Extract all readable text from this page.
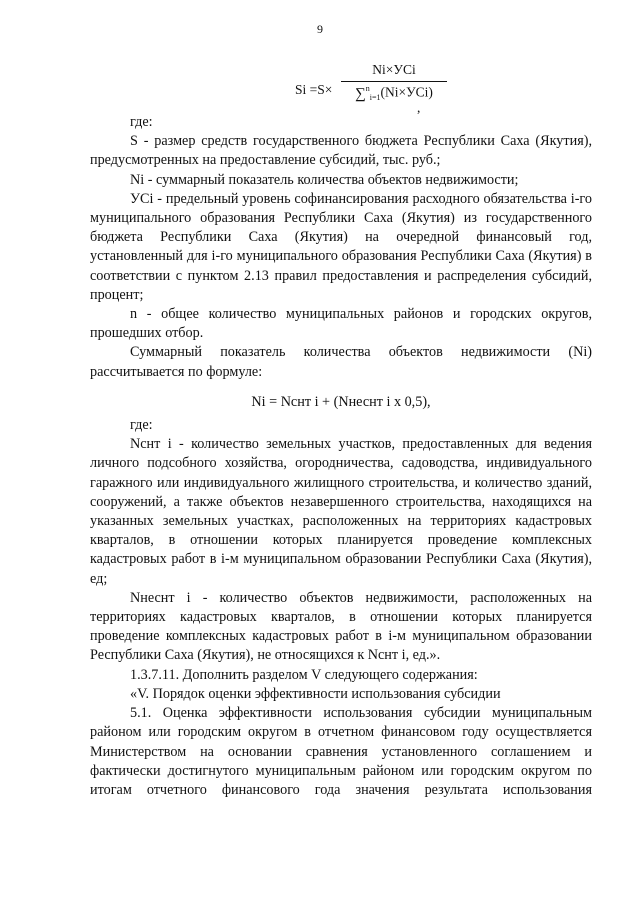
9
Si =S×
Ni×УСi
∑$^n_{i=1}$(Ni×УСi)
,

где:

S - размер средств государственного бюджета Республики Саха (Якутия), предусмотренных на предоставление субсидий, тыс. руб.;

Ni - суммарный показатель количества объектов недвижимости;

УСi - предельный уровень софинансирования расходного обязательства i-го муниципального образования Республики Саха (Якутия) из государственного бюджета Республики Саха (Якутия) на очередной финансовый год, установленный для i-го муниципального образования Республики Саха (Якутия) в соответствии с пунктом 2.13 правил предоставления и распределения субсидий, процент;

n - общее количество муниципальных районов и городских округов, прошедших отбор.

Суммарный показатель количества объектов недвижимости (Ni) рассчитывается по формуле:

Ni = Nснт i + (Nнеснт i x 0,5),

где:

Nснт i - количество земельных участков, предоставленных для ведения личного подсобного хозяйства, огородничества, садоводства, индивидуального гаражного или индивидуального жилищного строительства, и количество зданий, сооружений, а также объектов незавершенного строительства, находящихся на указанных земельных участках, расположенных на территориях кадастровых кварталов, в отношении которых планируется проведение комплексных кадастровых работ в i-м муниципальном образовании Республики Саха (Якутия), ед;

Nнеснт i - количество объектов недвижимости, расположенных на территориях кадастровых кварталов, в отношении которых планируется проведение комплексных кадастровых работ в i-м муниципальном образовании Республики Саха (Якутия), не относящихся к Nснт i, ед.».

1.3.7.11. Дополнить разделом V следующего содержания:

«V. Порядок оценки эффективности использования субсидии

5.1. Оценка эффективности использования субсидии муниципальным районом или городским округом в отчетном финансовом году осуществляется Министерством на основании сравнения установленного соглашением и фактически достигнутого муниципальным районом или городским округом по итогам отчетного финансового года значения результата использования
